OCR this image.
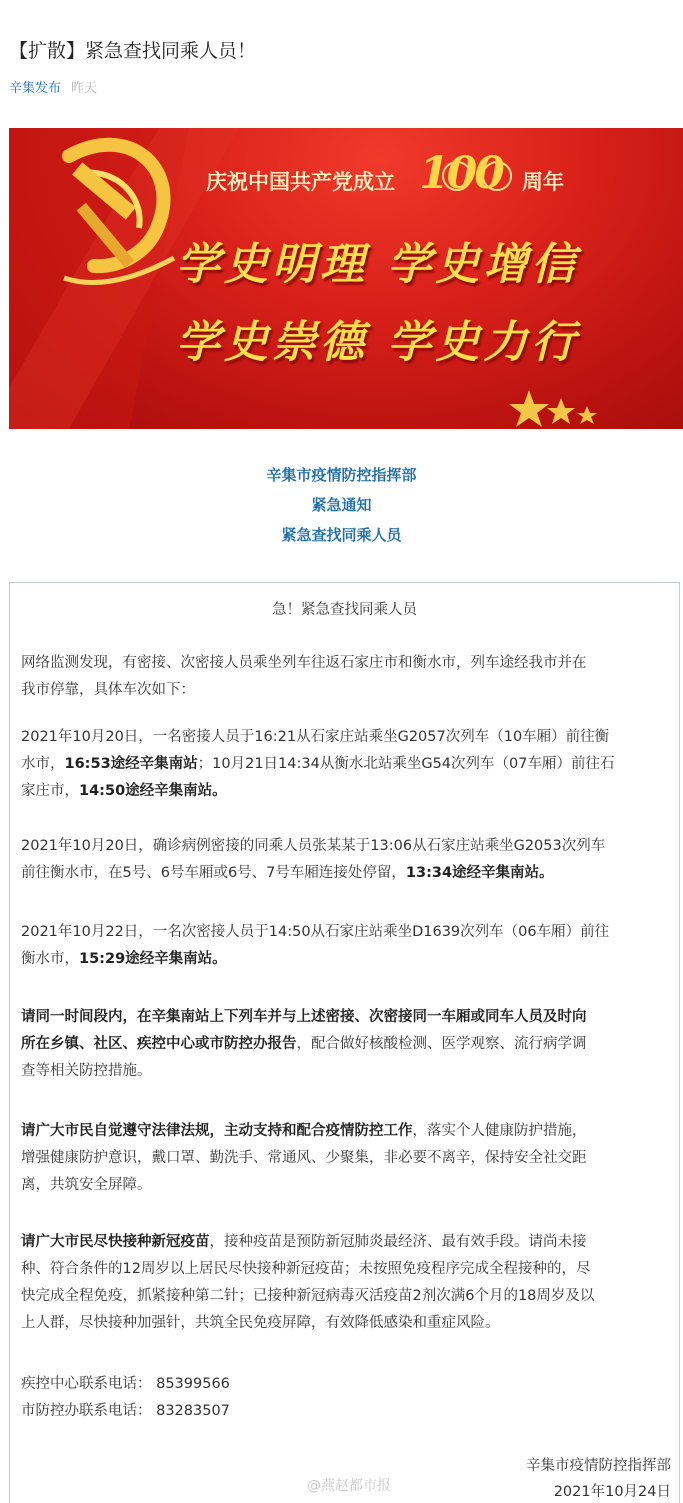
【扩散】紧急查找同乘人员！
辛集发布 昨天
庆祝中国共产党成立 100 周年
学史明理 学史增信
学史崇德 学史力行
辛集市疫情防控指挥部
紧急通知
紧急查找同乘人员
急！紧急查找同乘人员
网络监测发现，有密接、次密接人员乘坐列车往返石家庄市和衡水市，列车途经我市并在
我市停靠，具体车次如下：
2021年10月20日，一名密接人员于16:21从石家庄站乘坐G2057次列车（10车厢）前往衡
水市，16:53途经辛集南站；10月21日14:34从衡水北站乘坐G54次列车（07车厢）前往石
家庄市，14:50途经辛集南站。
2021年10月20日，确诊病例密接的同乘人员张某某于13:06从石家庄站乘坐G2053次列车
前往衡水市，在5号、6号车厢或6号、7号车厢连接处停留，13:34途经辛集南站。
2021年10月22日，一名次密接人员于14:50从石家庄站乘坐D1639次列车（06车厢）前往
衡水市，15:29途经辛集南站。
请同一时间段内，在辛集南站上下列车并与上述密接、次密接同一车厢或同车人员及时向
所在乡镇、社区、疾控中心或市防控办报告，配合做好核酸检测、医学观察、流行病学调
查等相关防控措施。
请广大市民自觉遵守法律法规，主动支持和配合疫情防控工作，落实个人健康防护措施，
增强健康防护意识，戴口罩、勤洗手、常通风、少聚集，非必要不离辛，保持安全社交距
离，共筑安全屏障。
请广大市民尽快接种新冠疫苗，接种疫苗是预防新冠肺炎最经济、最有效手段。请尚未接
种、符合条件的12周岁以上居民尽快接种新冠疫苗；未按照免疫程序完成全程接种的，尽
快完成全程免疫，抓紧接种第二针；已接种新冠病毒灭活疫苗2剂次满6个月的18周岁及以
上人群，尽快接种加强针，共筑全民免疫屏障，有效降低感染和重症风险。
疾控中心联系电话： 85399566
市防控办联系电话： 83283507
@燕赵都市报
辛集市疫情防控指挥部
2021年10月24日
